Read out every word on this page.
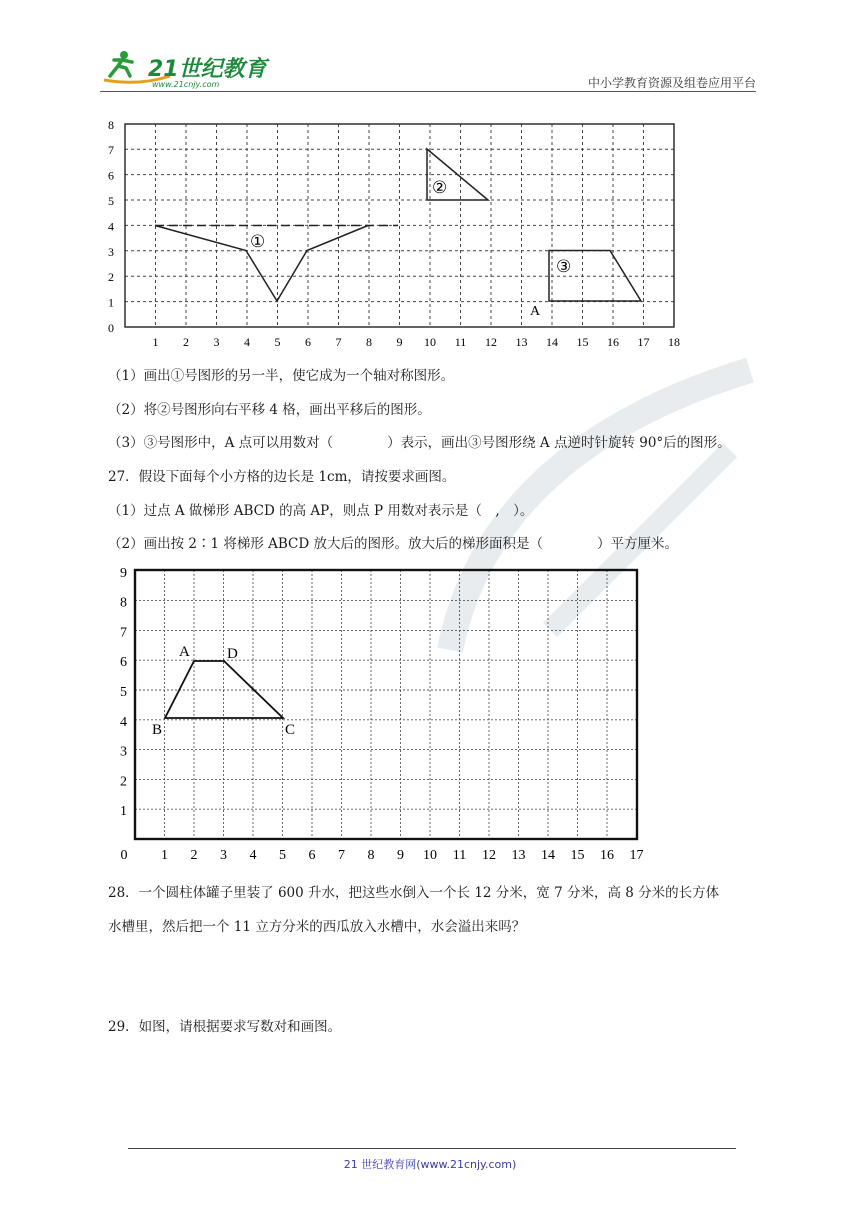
21世纪教育
www.21cnjy.com	中小学教育资源及组卷应用平台
0
1
2
3
4
5
6
7
8
1 2 3 4 5 6 7 8 9 10 11 12 13 14 15 16 17 18
①
②
③
A
（1）画出①号图形的另一半，使它成为一个轴对称图形。
（2）将②号图形向右平移 4 格，画出平移后的图形。
（3）③号图形中，A 点可以用数对（　　　　）表示，画出③号图形绕 A 点逆时针旋转 90°后的图形。
27．假设下面每个小方格的边长是 1cm，请按要求画图。
（1）过点 A 做梯形 ABCD 的高 AP，则点 P 用数对表示是（　,　）。
（2）画出按 2∶1 将梯形 ABCD 放大后的图形。放大后的梯形面积是（　　　　）平方厘米。
1
2
3
4
5
6
7
8
9
0 1 2 3 4 5 6 7 8 9 10 11 12 13 14 15 16 17
A D
B	C
28．一个圆柱体罐子里装了 600 升水，把这些水倒入一个长 12 分米，宽 7 分米，高 8 分米的长方体
水槽里，然后把一个 11 立方分米的西瓜放入水槽中，水会溢出来吗？
29．如图，请根据要求写数对和画图。
21 世纪教育网(www.21cnjy.com)
